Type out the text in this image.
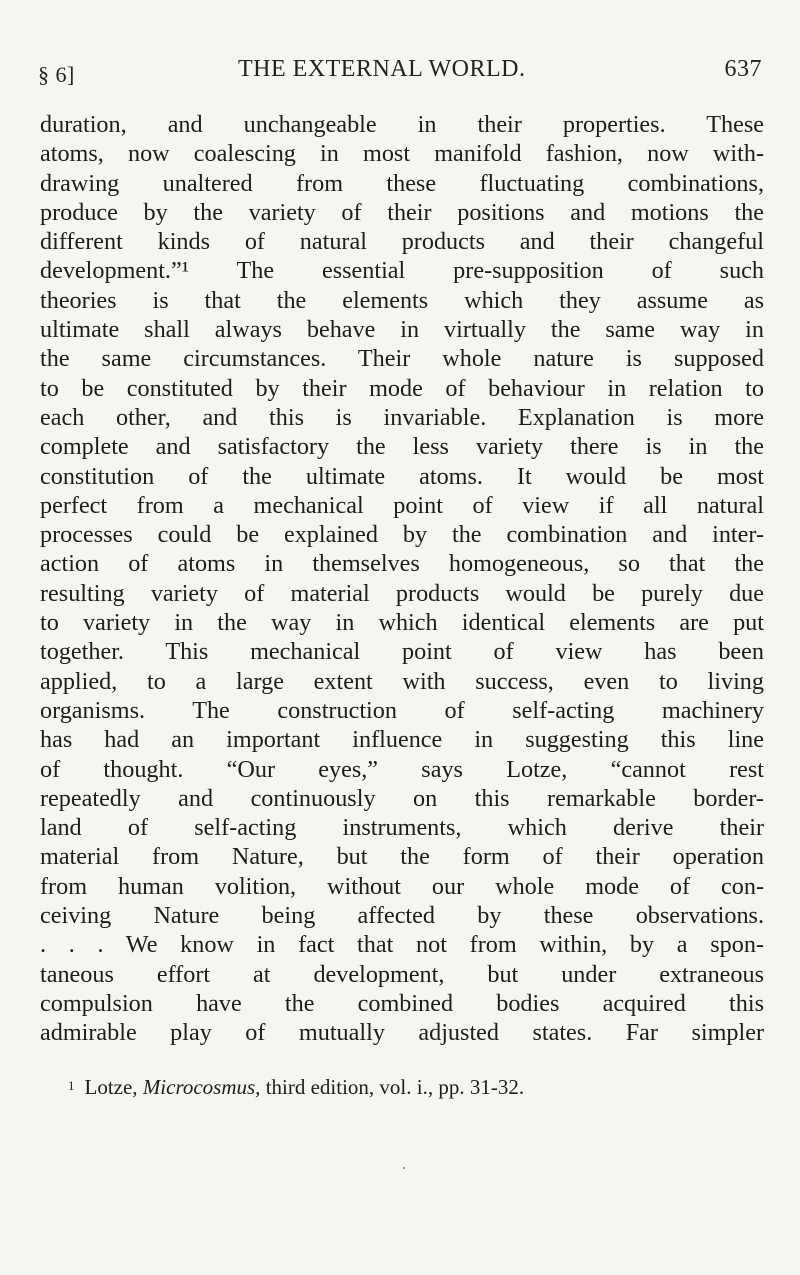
§ 6]	THE EXTERNAL WORLD.	637
duration, and unchangeable in their properties. These
atoms, now coalescing in most manifold fashion, now with-
drawing unaltered from these fluctuating combinations,
produce by the variety of their positions and motions the
different kinds of natural products and their changeful
development.”¹ The essential pre-supposition of such
theories is that the elements which they assume as
ultimate shall always behave in virtually the same way in
the same circumstances. Their whole nature is supposed
to be constituted by their mode of behaviour in relation to
each other, and this is invariable. Explanation is more
complete and satisfactory the less variety there is in the
constitution of the ultimate atoms. It would be most
perfect from a mechanical point of view if all natural
processes could be explained by the combination and inter-
action of atoms in themselves homogeneous, so that the
resulting variety of material products would be purely due
to variety in the way in which identical elements are put
together. This mechanical point of view has been
applied, to a large extent with success, even to living
organisms. The construction of self-acting machinery
has had an important influence in suggesting this line
of thought. “Our eyes,” says Lotze, “cannot rest
repeatedly and continuously on this remarkable border-
land of self-acting instruments, which derive their
material from Nature, but the form of their operation
from human volition, without our whole mode of con-
ceiving Nature being affected by these observations.
. . . We know in fact that not from within, by a spon-
taneous effort at development, but under extraneous
compulsion have the combined bodies acquired this
admirable play of mutually adjusted states. Far simpler
1 Lotze, Microcosmus, third edition, vol. i., pp. 31-32.
